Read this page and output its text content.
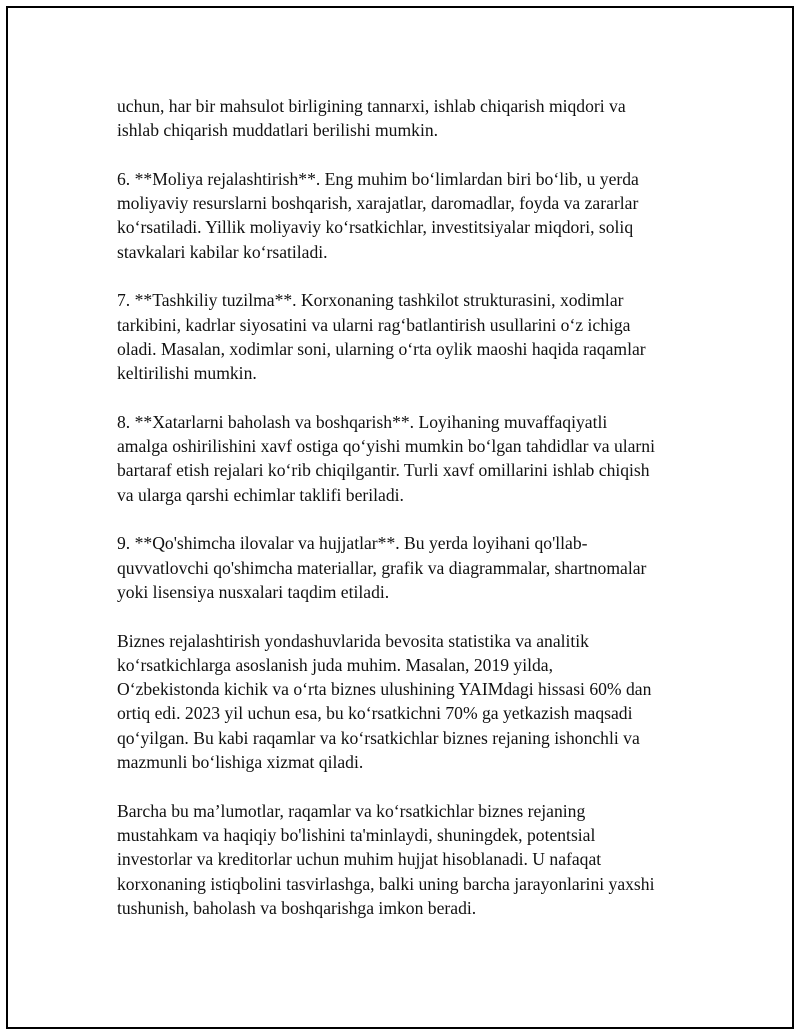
uchun, har bir mahsulot birligining tannarxi, ishlab chiqarish miqdori va
ishlab chiqarish muddatlari berilishi mumkin.

6. **Moliya rejalashtirish**. Eng muhim bo‘limlardan biri bo‘lib, u yerda
moliyaviy resurslarni boshqarish, xarajatlar, daromadlar, foyda va zararlar
ko‘rsatiladi. Yillik moliyaviy ko‘rsatkichlar, investitsiyalar miqdori, soliq
stavkalari kabilar ko‘rsatiladi.

7. **Tashkiliy tuzilma**. Korxonaning tashkilot strukturasini, xodimlar
tarkibini, kadrlar siyosatini va ularni rag‘batlantirish usullarini o‘z ichiga
oladi. Masalan, xodimlar soni, ularning o‘rta oylik maoshi haqida raqamlar
keltirilishi mumkin.

8. **Xatarlarni baholash va boshqarish**. Loyihaning muvaffaqiyatli
amalga oshirilishini xavf ostiga qo‘yishi mumkin bo‘lgan tahdidlar va ularni
bartaraf etish rejalari ko‘rib chiqilgantir. Turli xavf omillarini ishlab chiqish
va ularga qarshi echimlar taklifi beriladi.

9. **Qo'shimcha ilovalar va hujjatlar**. Bu yerda loyihani qo'llab-
quvvatlovchi qo'shimcha materiallar, grafik va diagrammalar, shartnomalar
yoki lisensiya nusxalari taqdim etiladi.

Biznes rejalashtirish yondashuvlarida bevosita statistika va analitik
ko‘rsatkichlarga asoslanish juda muhim. Masalan, 2019 yilda,
O‘zbekistonda kichik va o‘rta biznes ulushining YAIMdagi hissasi 60% dan
ortiq edi. 2023 yil uchun esa, bu ko‘rsatkichni 70% ga yetkazish maqsadi
qo‘yilgan. Bu kabi raqamlar va ko‘rsatkichlar biznes rejaning ishonchli va
mazmunli bo‘lishiga xizmat qiladi.

Barcha bu ma’lumotlar, raqamlar va ko‘rsatkichlar biznes rejaning
mustahkam va haqiqiy bo'lishini ta'minlaydi, shuningdek, potentsial
investorlar va kreditorlar uchun muhim hujjat hisoblanadi. U nafaqat
korxonaning istiqbolini tasvirlashga, balki uning barcha jarayonlarini yaxshi
tushunish, baholash va boshqarishga imkon beradi.
